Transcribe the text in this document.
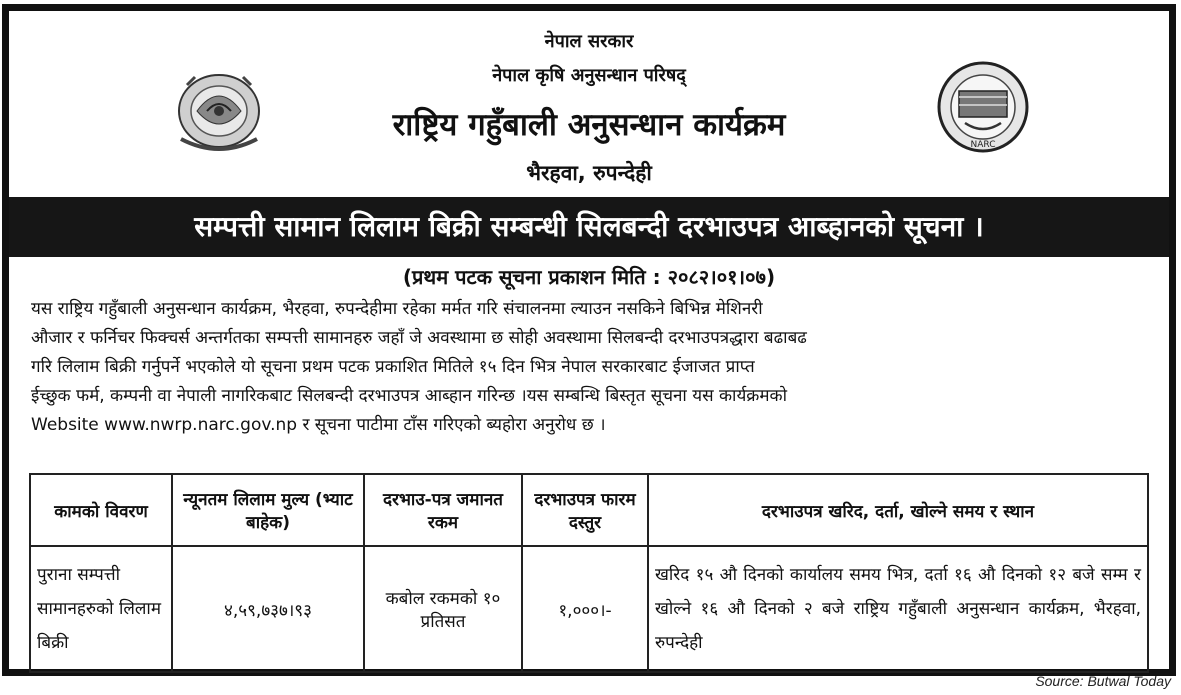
NARC
नेपाल सरकार
नेपाल कृषि अनुसन्धान परिषद्
राष्ट्रिय गहुँबाली अनुसन्धान कार्यक्रम
भैरहवा, रुपन्देही
सम्पत्ती सामान लिलाम बिक्री सम्बन्धी सिलबन्दी दरभाउपत्र आब्हानको सूचना ।
(प्रथम पटक सूचना प्रकाशन मिति : २०८२।०१।०७)
यस राष्ट्रिय गहुँबाली अनुसन्धान कार्यक्रम, भैरहवा, रुपन्देहीमा रहेका मर्मत गरि संचालनमा ल्याउन नसकिने बिभिन्न मेशिनरी
औजार र फर्निचर फिक्चर्स अन्तर्गतका सम्पत्ती सामानहरु जहाँ जे अवस्थामा छ सोही अवस्थामा सिलबन्दी दरभाउपत्रद्धारा बढाबढ
गरि लिलाम बिक्री गर्नुपर्ने भएकोले यो सूचना प्रथम पटक प्रकाशित मितिले १५ दिन भित्र नेपाल सरकारबाट ईजाजत प्राप्त
ईच्छुक फर्म, कम्पनी वा नेपाली नागरिकबाट सिलबन्दी दरभाउपत्र आब्हान गरिन्छ ।यस सम्बन्धि बिस्तृत सूचना यस कार्यक्रमको
Website www.nwrp.narc.gov.np र सूचना पाटीमा टाँस गरिएको ब्यहोरा अनुरोध छ ।
कामको विवरण	न्यूनतम लिलाम मुल्य (भ्याट बाहेक)	दरभाउ-पत्र जमानत रकम	दरभाउपत्र फारम दस्तुर	दरभाउपत्र खरिद, दर्ता, खोल्ने समय र स्थान
पुराना सम्पत्ती सामानहरुको लिलाम बिक्री	४,५९,७३७।९३	कबोल रकमको १० प्रतिसत	१,०००।-	खरिद १५ औ दिनको कार्यालय समय भित्र, दर्ता १६ औ दिनको १२ बजे सम्म र खोल्ने १६ औ दिनको २ बजे राष्ट्रिय गहुँबाली अनुसन्धान कार्यक्रम, भैरहवा, रुपन्देही
Source: Butwal Today
